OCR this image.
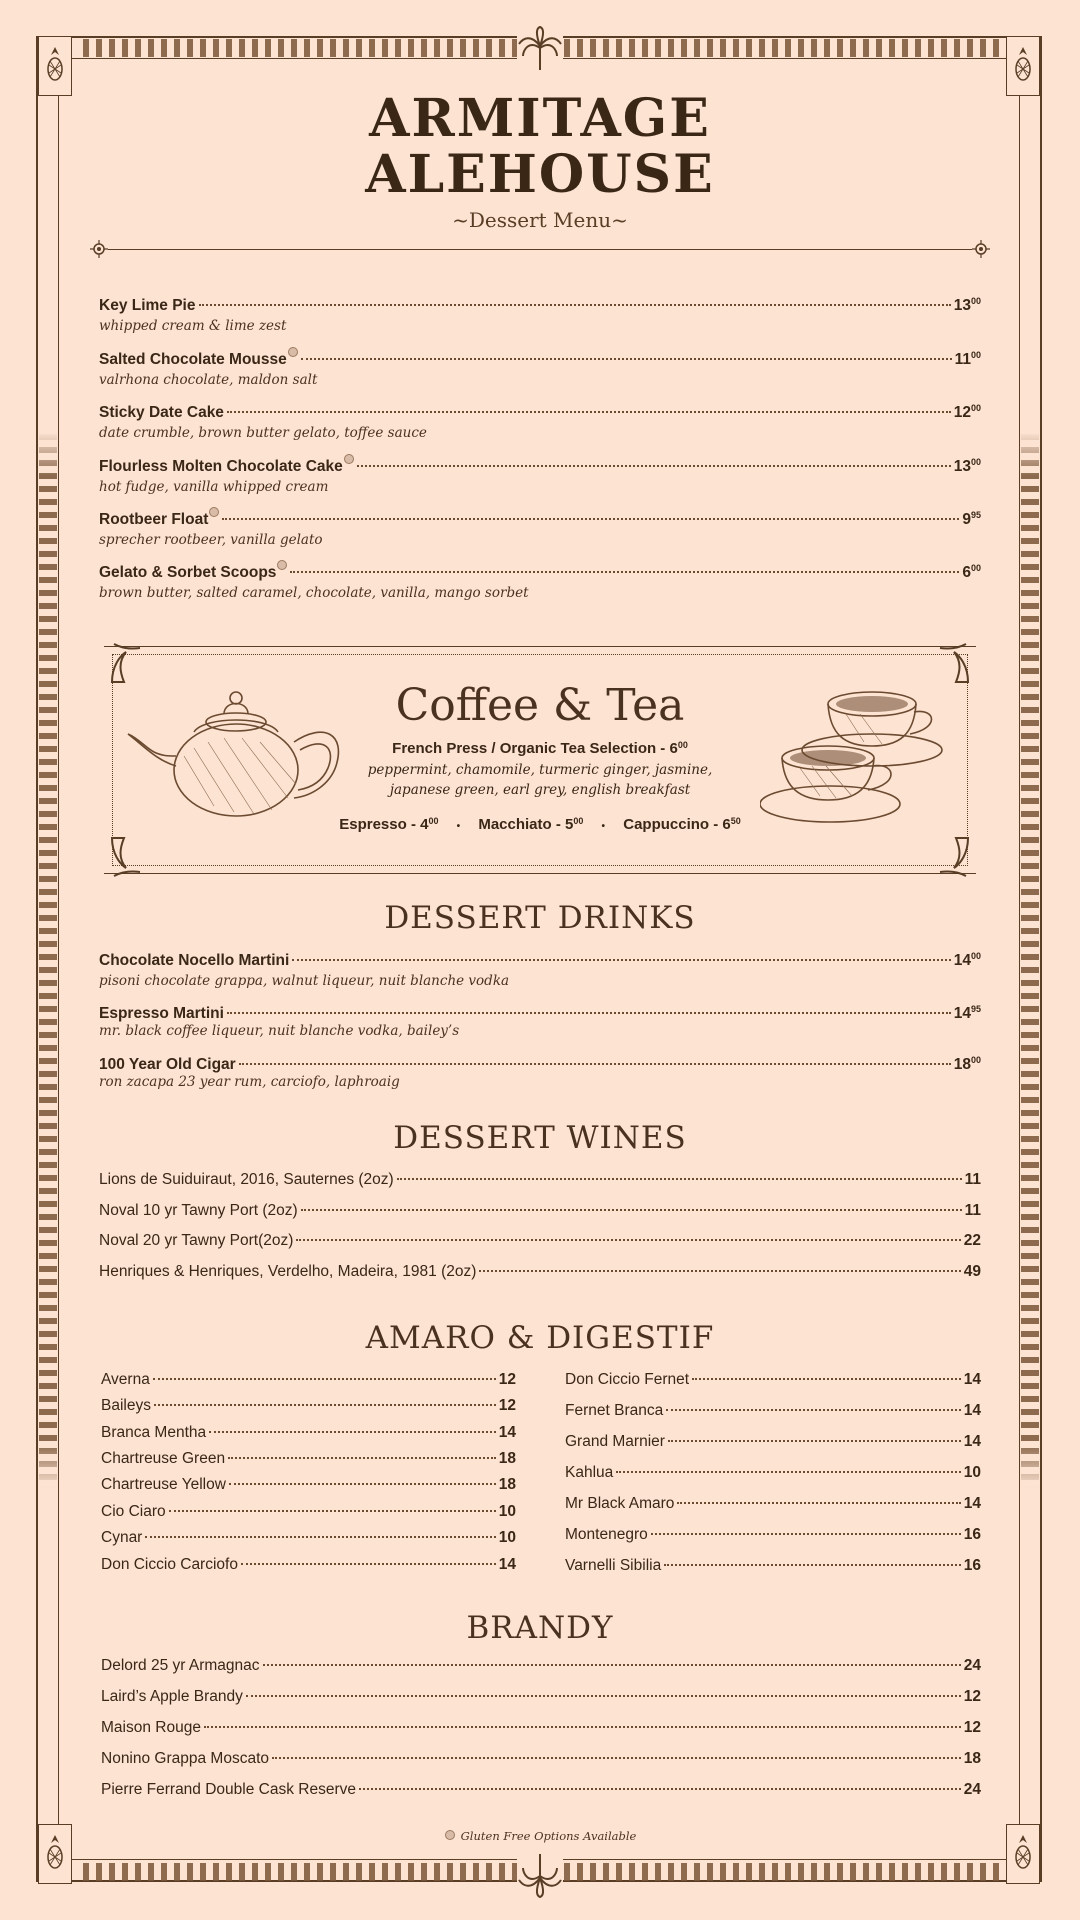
ARMITAGE
ALEHOUSE
~Dessert Menu~
Key Lime Pie	$13^{00}$
whipped cream & lime zest
Salted Chocolate Mousse	$11^{00}$
valrhona chocolate, maldon salt
Sticky Date Cake	$12^{00}$
date crumble, brown butter gelato, toffee sauce
Flourless Molten Chocolate Cake	$13^{00}$
hot fudge, vanilla whipped cream
Rootbeer Float	$9^{95}$
sprecher rootbeer, vanilla gelato
Gelato & Sorbet Scoops	$6^{00}$
brown butter, salted caramel, chocolate, vanilla, mango sorbet
Coffee & Tea
French Press / Organic Tea Selection - $6^{00}$
peppermint, chamomile, turmeric ginger, jasmine,
japanese green, earl grey, english breakfast
Espresso - $4^{00}$ • Macchiato - $5^{00}$ • Cappuccino - $6^{50}$
DESSERT DRINKS
Chocolate Nocello Martini	$14^{00}$
pisoni chocolate grappa, walnut liqueur, nuit blanche vodka
Espresso Martini	$14^{95}$
mr. black coffee liqueur, nuit blanche vodka, bailey’s
100 Year Old Cigar	$18^{00}$
ron zacapa 23 year rum, carciofo, laphroaig
DESSERT WINES
Lions de Suiduiraut, 2016, Sauternes (2oz)	11
Noval 10 yr Tawny Port (2oz)	11
Noval 20 yr Tawny Port(2oz)	22
Henriques & Henriques, Verdelho, Madeira, 1981 (2oz)	49
AMARO & DIGESTIF
Averna	12
Baileys	12
Branca Mentha	14
Chartreuse Green	18
Chartreuse Yellow	18
Cio Ciaro	10
Cynar	10
Don Ciccio Carciofo	14
Don Ciccio Fernet	14
Fernet Branca	14
Grand Marnier	14
Kahlua	10
Mr Black Amaro	14
Montenegro	16
Varnelli Sibilia	16
BRANDY
Delord 25 yr Armagnac	24
Laird’s Apple Brandy	12
Maison Rouge	12
Nonino Grappa Moscato	18
Pierre Ferrand Double Cask Reserve	24
Gluten Free Options Available
